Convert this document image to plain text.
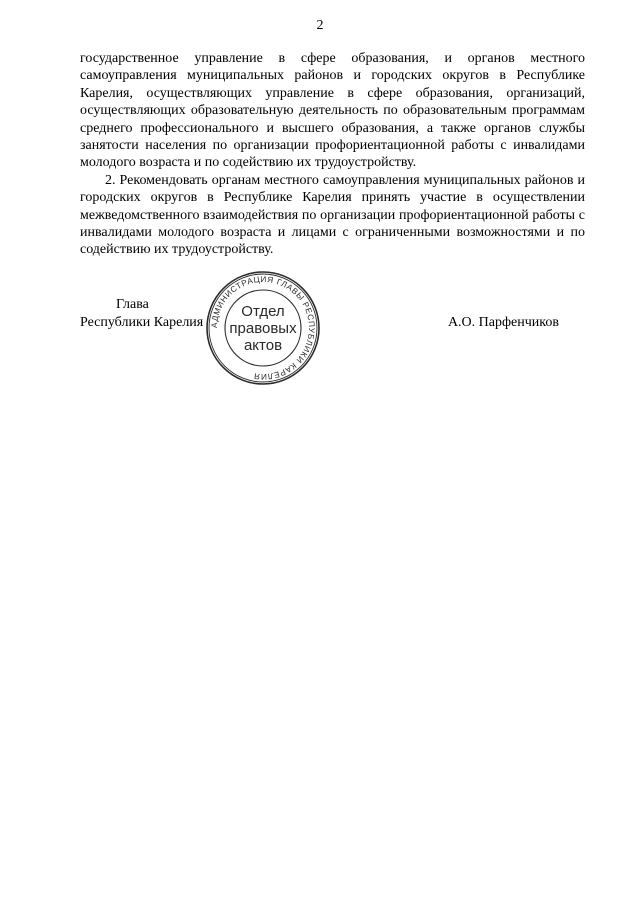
2

государственное управление в сфере образования, и органов местного самоуправления муниципальных районов и городских округов в Республике Карелия, осуществляющих управление в сфере образования, организаций, осуществляющих образовательную деятельность по образовательным программам среднего профессионального и высшего образования, а также органов службы занятости населения по организации профориентационной работы с инвалидами молодого возраста и по содействию их трудоустройству.

2. Рекомендовать органам местного самоуправления муниципальных районов и городских округов в Республике Карелия принять участие в осуществлении межведомственного взаимодействия по организации профориентационной работы с инвалидами молодого возраста и лицами с ограниченными возможностями и по содействию их трудоустройству.

Глава
Республики Карелия	А.О. Парфенчиков
АДМИНИСТРАЦИЯ ГЛАВЫ РЕСПУБЛИКИ КАРЕЛИЯ
Отдел
правовых
актов
